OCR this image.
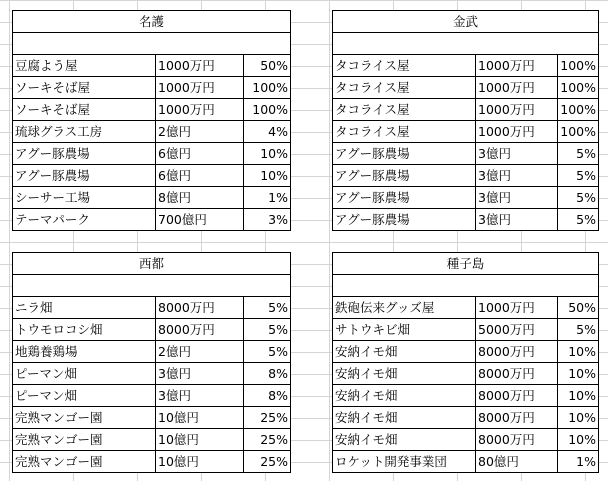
名護		

豆腐よう屋	1000万円	50%
ソーキそば屋	1000万円	100%
ソーキそば屋	1000万円	100%
琉球グラス工房	2億円	4%
アグー豚農場	6億円	10%
アグー豚農場	6億円	10%
シーサー工場	8億円	1%
テーマパーク	700億円	3%
金武		

タコライス屋	1000万円	100%
タコライス屋	1000万円	100%
タコライス屋	1000万円	100%
タコライス屋	1000万円	100%
アグー豚農場	3億円	5%
アグー豚農場	3億円	5%
アグー豚農場	3億円	5%
アグー豚農場	3億円	5%
西都		

ニラ畑	8000万円	5%
トウモロコシ畑	8000万円	5%
地鶏養鶏場	2億円	5%
ピーマン畑	3億円	8%
ピーマン畑	3億円	8%
完熟マンゴー園	10億円	25%
完熟マンゴー園	10億円	25%
完熟マンゴー園	10億円	25%
種子島		

鉄砲伝来グッズ屋	1000万円	50%
サトウキビ畑	5000万円	5%
安納イモ畑	8000万円	10%
安納イモ畑	8000万円	10%
安納イモ畑	8000万円	10%
安納イモ畑	8000万円	10%
安納イモ畑	8000万円	10%
ロケット開発事業団	80億円	1%
